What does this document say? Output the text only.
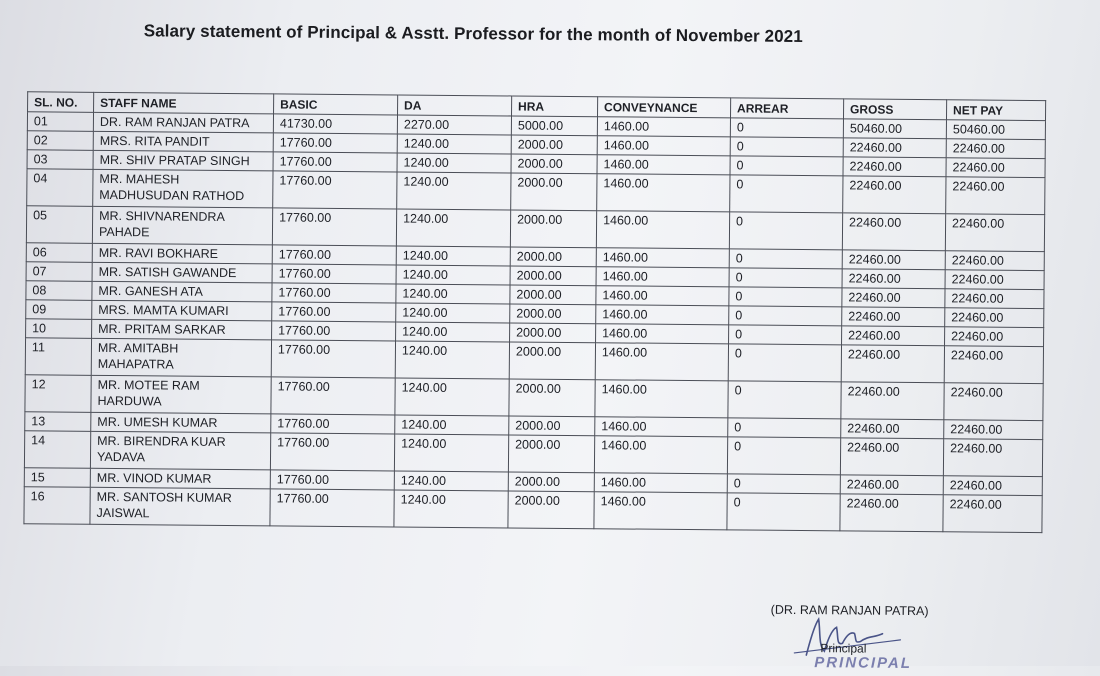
Salary statement of Principal & Asstt. Professor for the month of November 2021
SL. NO.	STAFF NAME	BASIC	DA	HRA	CONVEYNANCE	ARREAR	GROSS	NET PAY
01	DR. RAM RANJAN PATRA	41730.00	2270.00	5000.00	1460.00	0	50460.00	50460.00
02	MRS. RITA PANDIT	17760.00	1240.00	2000.00	1460.00	0	22460.00	22460.00
03	MR. SHIV PRATAP SINGH	17760.00	1240.00	2000.00	1460.00	0	22460.00	22460.00
04	MR. MAHESH
MADHUSUDAN RATHOD	17760.00	1240.00	2000.00	1460.00	0	22460.00	22460.00
05	MR. SHIVNARENDRA
PAHADE	17760.00	1240.00	2000.00	1460.00	0	22460.00	22460.00
06	MR. RAVI BOKHARE	17760.00	1240.00	2000.00	1460.00	0	22460.00	22460.00
07	MR. SATISH GAWANDE	17760.00	1240.00	2000.00	1460.00	0	22460.00	22460.00
08	MR. GANESH ATA	17760.00	1240.00	2000.00	1460.00	0	22460.00	22460.00
09	MRS. MAMTA KUMARI	17760.00	1240.00	2000.00	1460.00	0	22460.00	22460.00
10	MR. PRITAM SARKAR	17760.00	1240.00	2000.00	1460.00	0	22460.00	22460.00
11	MR. AMITABH
MAHAPATRA	17760.00	1240.00	2000.00	1460.00	0	22460.00	22460.00
12	MR. MOTEE RAM
HARDUWA	17760.00	1240.00	2000.00	1460.00	0	22460.00	22460.00
13	MR. UMESH KUMAR	17760.00	1240.00	2000.00	1460.00	0	22460.00	22460.00
14	MR. BIRENDRA KUAR
YADAVA	17760.00	1240.00	2000.00	1460.00	0	22460.00	22460.00
15	MR. VINOD KUMAR	17760.00	1240.00	2000.00	1460.00	0	22460.00	22460.00
16	MR. SANTOSH KUMAR
JAISWAL	17760.00	1240.00	2000.00	1460.00	0	22460.00	22460.00
(DR. RAM RANJAN PATRA)
Principal
PRINCIPAL
